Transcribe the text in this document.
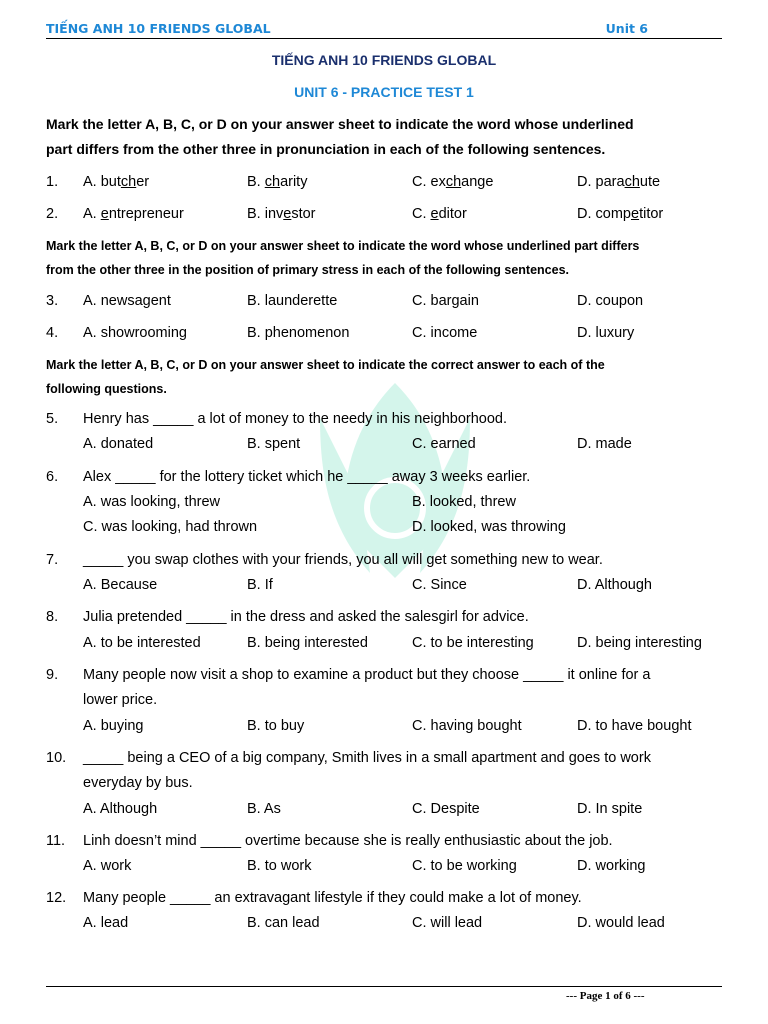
TIẾNG ANH 10 FRIENDS GLOBAL	Unit 6
TIẾNG ANH 10 FRIENDS GLOBAL
UNIT 6 - PRACTICE TEST 1
Mark the letter A, B, C, or D on your answer sheet to indicate the word whose underlined
part differs from the other three in pronunciation in each of the following sentences.
1. A. butcher	B. charity	C. exchange	D. parachute
2. A. entrepreneur	B. investor	C. editor	D. competitor
Mark the letter A, B, C, or D on your answer sheet to indicate the word whose underlined part differs
from the other three in the position of primary stress in each of the following sentences.
3. A. newsagent	B. launderette	C. bargain	D. coupon
4. A. showrooming	B. phenomenon	C. income	D. luxury
Mark the letter A, B, C, or D on your answer sheet to indicate the correct answer to each of the
following questions.
5. Henry has _____ a lot of money to the needy in his neighborhood.
A. donated	B. spent	C. earned	D. made
6. Alex _____ for the lottery ticket which he _____ away 3 weeks earlier.
A. was looking, threw	B. looked, threw
C. was looking, had thrown	D. looked, was throwing
7. _____ you swap clothes with your friends, you all will get something new to wear.
A. Because	B. If	C. Since	D. Although
8. Julia pretended _____ in the dress and asked the salesgirl for advice.
A. to be interested	B. being interested	C. to be interesting	D. being interesting
9. Many people now visit a shop to examine a product but they choose _____ it online for a
lower price.
A. buying	B. to buy	C. having bought	D. to have bought
10. _____ being a CEO of a big company, Smith lives in a small apartment and goes to work
everyday by bus.
A. Although	B. As	C. Despite	D. In spite
11. Linh doesn’t mind _____ overtime because she is really enthusiastic about the job.
A. work	B. to work	C. to be working	D. working
12. Many people _____ an extravagant lifestyle if they could make a lot of money.
A. lead	B. can lead	C. will lead	D. would lead
--- Page 1 of 6 ---
